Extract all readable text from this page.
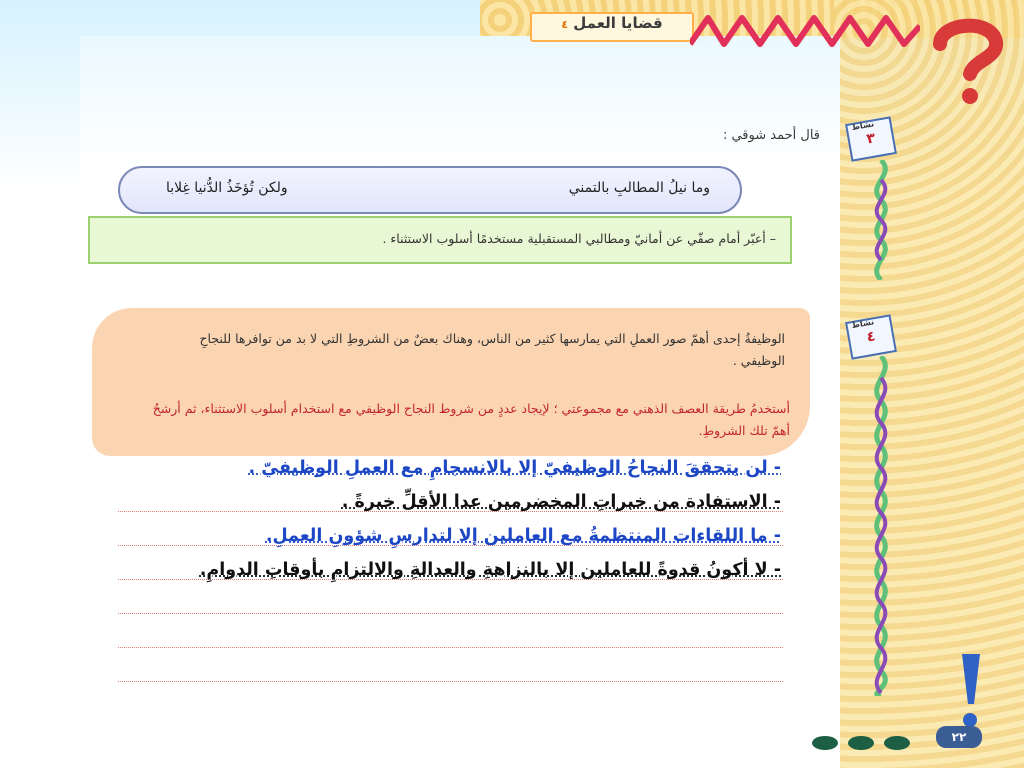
قضايا العمل ٤
نشاط
٣
قال أحمد شوقي :
وما نيلُ المطالبِ بالتمني
ولكن تُؤخَذُ الدُّنيا غِلابا
– أعبّر أمام صفّي عن أمانيّ ومطالبي المستقبلية مستخدمًا أسلوب الاستثناء .
نشاط
٤
الوظيفةُ إحدى أهمّ صور العملِ التي يمارسها كثير من الناس، وهناك بعضٌ من الشروطِ التي لا بد من توافرها للنجاحِ الوظيفي .
أستخدمُ طريقة العصف الذهني مع مجموعتي ؛ لإيجاد عددٍ من شروط النجاح الوظيفي مع استخدام أسلوب الاستثناء، ثم أرشحُ أهمّ تلك الشروطِ.
- لن يتحققَ النجاحُ الوظيفيّ إلا بالانسجامِ مع العملِ الوظيفيّ .
- الاستفادة من خبراتِ المخضرمين عدا الأقلِّ خبرةً .
- ما اللقاءات المنتظمةُ مع العاملين إلا لتدارسِ شؤونِ العملِ.
- لا أكونُ قدوةً للعاملين إلا بالنزاهةِ والعدالةِ والالتزامِ بأوقاتِ الدوامِ.
٢٢
